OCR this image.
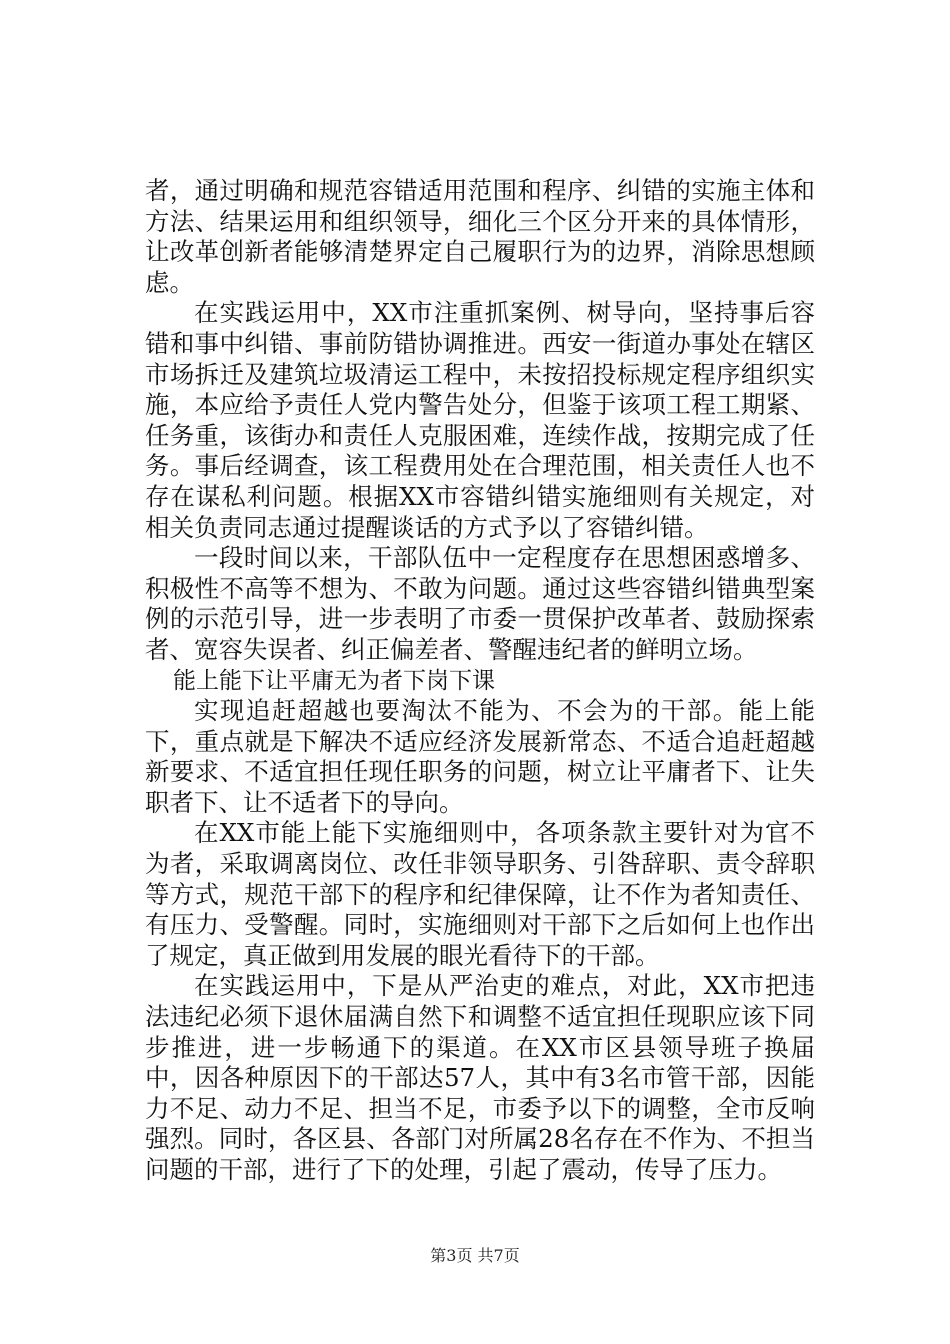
者，通过明确和规范容错适用范围和程序、纠错的实施主体和方法、结果运用和组织领导，细化三个区分开来的具体情形，让改革创新者能够清楚界定自己履职行为的边界，消除思想顾虑。

在实践运用中，XX市注重抓案例、树导向，坚持事后容错和事中纠错、事前防错协调推进。西安一街道办事处在辖区市场拆迁及建筑垃圾清运工程中，未按招投标规定程序组织实施，本应给予责任人党内警告处分，但鉴于该项工程工期紧、任务重，该街办和责任人克服困难，连续作战，按期完成了任务。事后经调查，该工程费用处在合理范围，相关责任人也不存在谋私利问题。根据XX市容错纠错实施细则有关规定，对相关负责同志通过提醒谈话的方式予以了容错纠错。

一段时间以来，干部队伍中一定程度存在思想困惑增多、积极性不高等不想为、不敢为问题。通过这些容错纠错典型案例的示范引导，进一步表明了市委一贯保护改革者、鼓励探索者、宽容失误者、纠正偏差者、警醒违纪者的鲜明立场。

能上能下让平庸无为者下岗下课

实现追赶超越也要淘汰不能为、不会为的干部。能上能下，重点就是下解决不适应经济发展新常态、不适合追赶超越新要求、不适宜担任现任职务的问题，树立让平庸者下、让失职者下、让不适者下的导向。

在XX市能上能下实施细则中，各项条款主要针对为官不为者，采取调离岗位、改任非领导职务、引咎辞职、责令辞职等方式，规范干部下的程序和纪律保障，让不作为者知责任、有压力、受警醒。同时，实施细则对干部下之后如何上也作出了规定，真正做到用发展的眼光看待下的干部。

在实践运用中，下是从严治吏的难点，对此，XX市把违法违纪必须下退休届满自然下和调整不适宜担任现职应该下同步推进，进一步畅通下的渠道。在XX市区县领导班子换届中，因各种原因下的干部达57人，其中有3名市管干部，因能力不足、动力不足、担当不足，市委予以下的调整，全市反响强烈。同时，各区县、各部门对所属28名存在不作为、不担当问题的干部，进行了下的处理，引起了震动，传导了压力。

第3页 共7页
